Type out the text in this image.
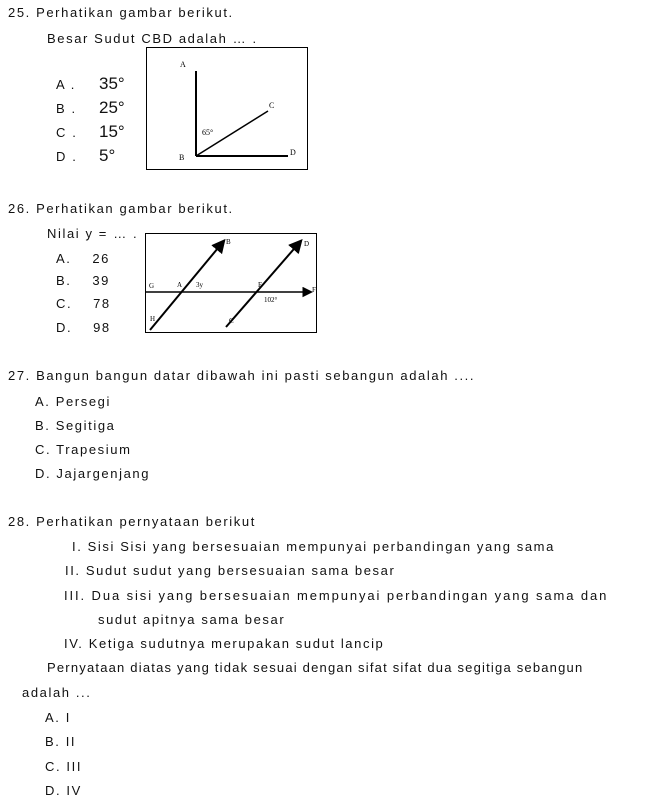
25. Perhatikan gambar berikut.
Besar Sudut CBD adalah … .
A . 35°
B . 25°
C . 15°
D . 5°
A
B
C
D
65°
26. Perhatikan gambar berikut.
Nilai y = … .
A. 26
B. 39
C. 78
D. 98
B	D
G	A 3y	E
F
102°
H	C
27. Bangun bangun datar dibawah ini pasti sebangun adalah ....
A. Persegi
B. Segitiga
C. Trapesium
D. Jajargenjang
28. Perhatikan pernyataan berikut
I. Sisi Sisi yang bersesuaian mempunyai perbandingan yang sama
II. Sudut sudut yang bersesuaian sama besar
III. Dua sisi yang bersesuaian mempunyai perbandingan yang sama dan
sudut apitnya sama besar
IV. Ketiga sudutnya merupakan sudut lancip
Pernyataan diatas yang tidak sesuai dengan sifat sifat dua segitiga sebangun
adalah ...
A. I
B. II
C. III
D. IV
